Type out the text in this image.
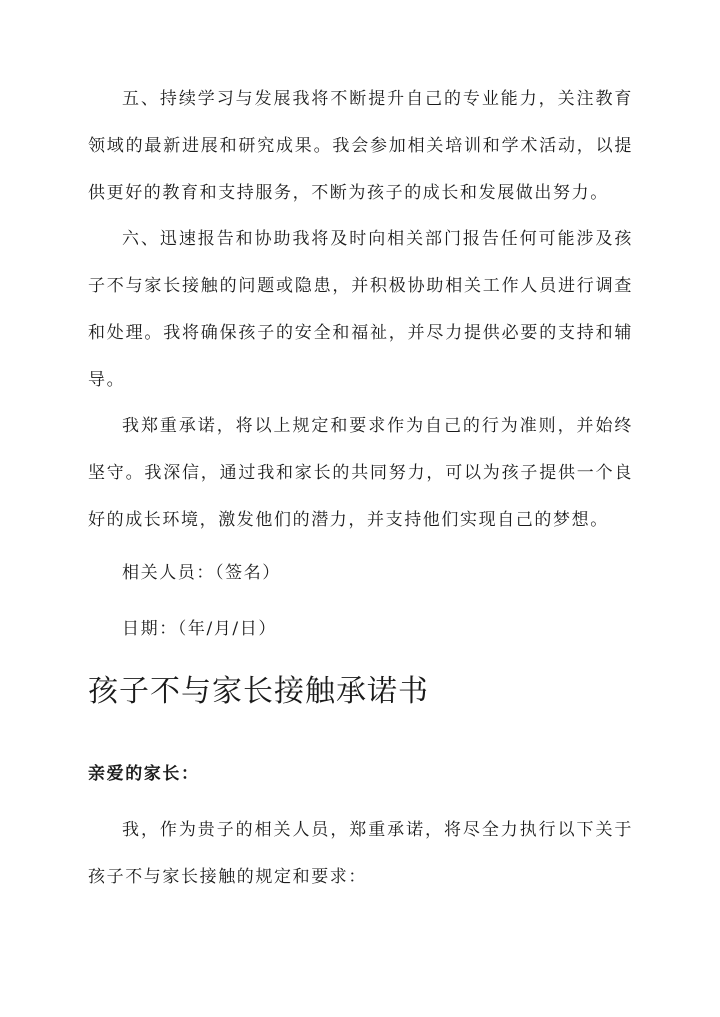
五、持续学习与发展我将不断提升自己的专业能力，关注教育领域的最新进展和研究成果。我会参加相关培训和学术活动，以提供更好的教育和支持服务，不断为孩子的成长和发展做出努力。

六、迅速报告和协助我将及时向相关部门报告任何可能涉及孩子不与家长接触的问题或隐患，并积极协助相关工作人员进行调查和处理。我将确保孩子的安全和福祉，并尽力提供必要的支持和辅导。

我郑重承诺，将以上规定和要求作为自己的行为准则，并始终坚守。我深信，通过我和家长的共同努力，可以为孩子提供一个良好的成长环境，激发他们的潜力，并支持他们实现自己的梦想。

相关人员：（签名）

日期：（年/月/日）

孩子不与家长接触承诺书

亲爱的家长：

我，作为贵子的相关人员，郑重承诺，将尽全力执行以下关于孩子不与家长接触的规定和要求：
